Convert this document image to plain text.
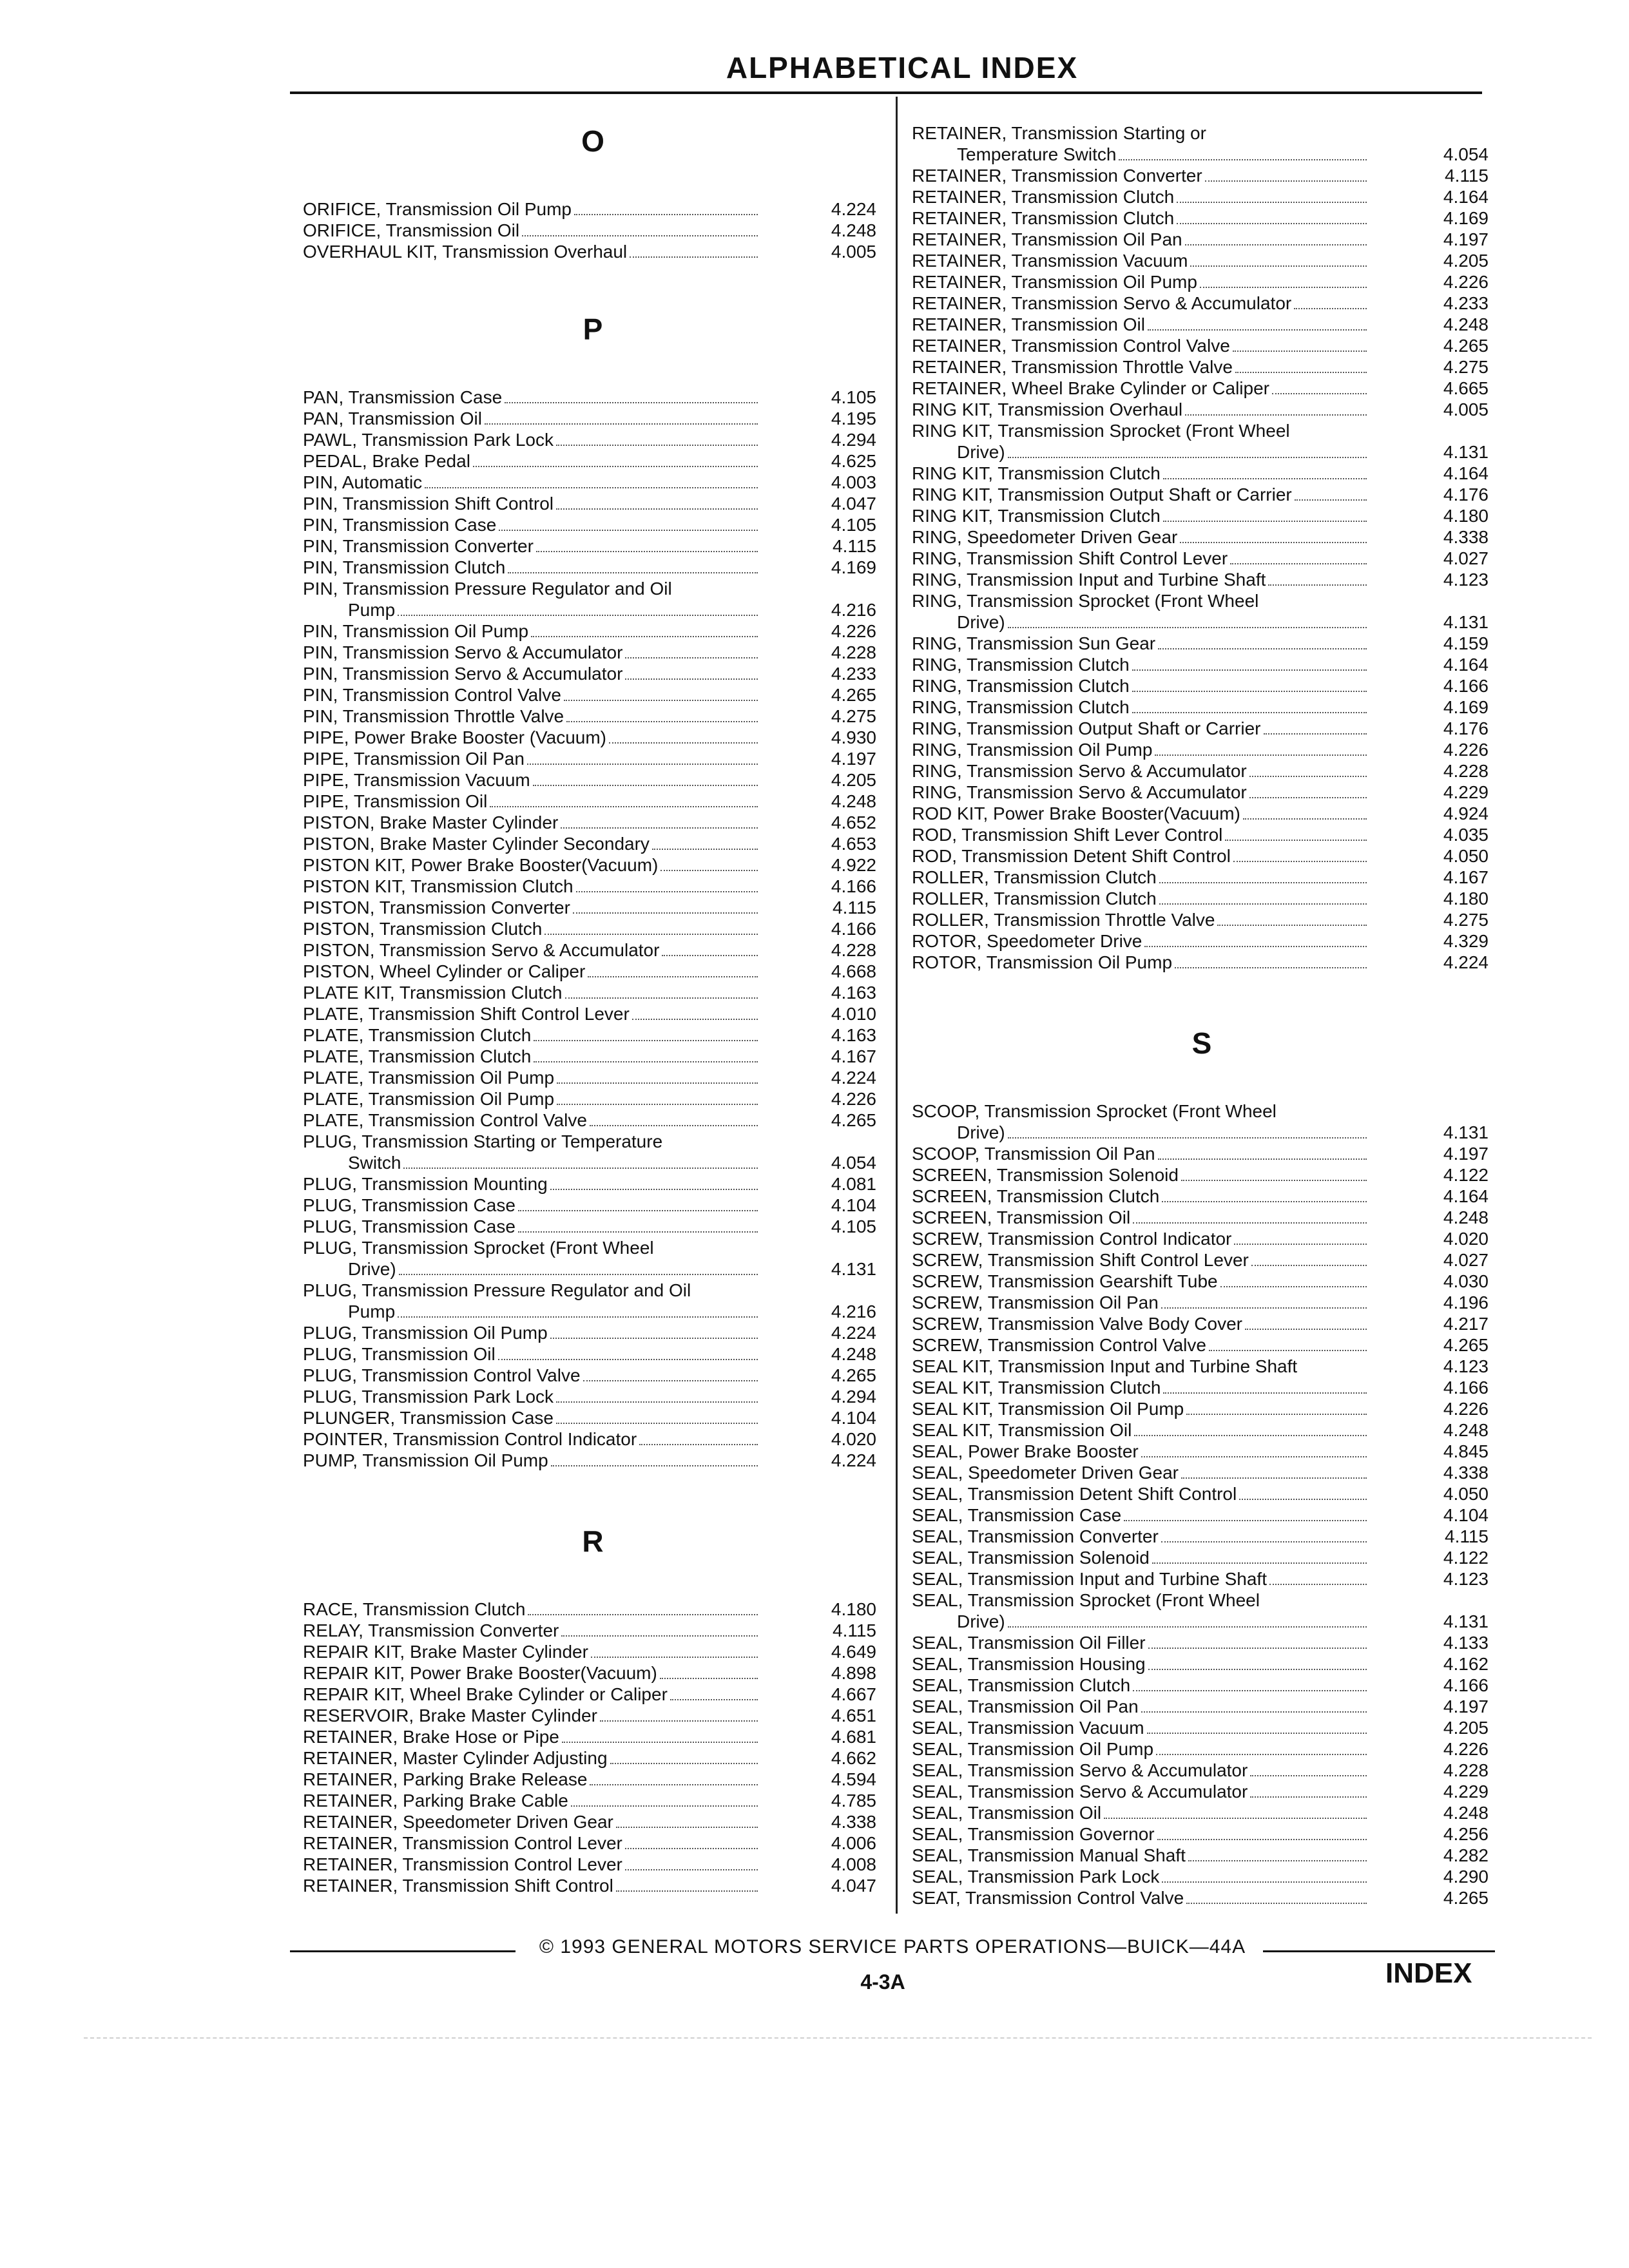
ALPHABETICAL INDEX
O
ORIFICE, Transmission Oil Pump	4.224
ORIFICE, Transmission Oil	4.248
OVERHAUL KIT, Transmission Overhaul	4.005
P
PAN, Transmission Case	4.105
PAN, Transmission Oil	4.195
PAWL, Transmission Park Lock	4.294
PEDAL, Brake Pedal	4.625
PIN, Automatic	4.003
PIN, Transmission Shift Control	4.047
PIN, Transmission Case	4.105
PIN, Transmission Converter	4.115
PIN, Transmission Clutch	4.169
PIN, Transmission Pressure Regulator and Oil
Pump	4.216
PIN, Transmission Oil Pump	4.226
PIN, Transmission Servo & Accumulator	4.228
PIN, Transmission Servo & Accumulator	4.233
PIN, Transmission Control Valve	4.265
PIN, Transmission Throttle Valve	4.275
PIPE, Power Brake Booster (Vacuum)	4.930
PIPE, Transmission Oil Pan	4.197
PIPE, Transmission Vacuum	4.205
PIPE, Transmission Oil	4.248
PISTON, Brake Master Cylinder	4.652
PISTON, Brake Master Cylinder Secondary	4.653
PISTON KIT, Power Brake Booster(Vacuum)	4.922
PISTON KIT, Transmission Clutch	4.166
PISTON, Transmission Converter	4.115
PISTON, Transmission Clutch	4.166
PISTON, Transmission Servo & Accumulator	4.228
PISTON, Wheel Cylinder or Caliper	4.668
PLATE KIT, Transmission Clutch	4.163
PLATE, Transmission Shift Control Lever	4.010
PLATE, Transmission Clutch	4.163
PLATE, Transmission Clutch	4.167
PLATE, Transmission Oil Pump	4.224
PLATE, Transmission Oil Pump	4.226
PLATE, Transmission Control Valve	4.265
PLUG, Transmission Starting or Temperature
Switch	4.054
PLUG, Transmission Mounting	4.081
PLUG, Transmission Case	4.104
PLUG, Transmission Case	4.105
PLUG, Transmission Sprocket (Front Wheel
Drive)	4.131
PLUG, Transmission Pressure Regulator and Oil
Pump	4.216
PLUG, Transmission Oil Pump	4.224
PLUG, Transmission Oil	4.248
PLUG, Transmission Control Valve	4.265
PLUG, Transmission Park Lock	4.294
PLUNGER, Transmission Case	4.104
POINTER, Transmission Control Indicator	4.020
PUMP, Transmission Oil Pump	4.224
R
RACE, Transmission Clutch	4.180
RELAY, Transmission Converter	4.115
REPAIR KIT, Brake Master Cylinder	4.649
REPAIR KIT, Power Brake Booster(Vacuum)	4.898
REPAIR KIT, Wheel Brake Cylinder or Caliper	4.667
RESERVOIR, Brake Master Cylinder	4.651
RETAINER, Brake Hose or Pipe	4.681
RETAINER, Master Cylinder Adjusting	4.662
RETAINER, Parking Brake Release	4.594
RETAINER, Parking Brake Cable	4.785
RETAINER, Speedometer Driven Gear	4.338
RETAINER, Transmission Control Lever	4.006
RETAINER, Transmission Control Lever	4.008
RETAINER, Transmission Shift Control	4.047
RETAINER, Transmission Starting or
Temperature Switch	4.054
RETAINER, Transmission Converter	4.115
RETAINER, Transmission Clutch	4.164
RETAINER, Transmission Clutch	4.169
RETAINER, Transmission Oil Pan	4.197
RETAINER, Transmission Vacuum	4.205
RETAINER, Transmission Oil Pump	4.226
RETAINER, Transmission Servo & Accumulator	4.233
RETAINER, Transmission Oil	4.248
RETAINER, Transmission Control Valve	4.265
RETAINER, Transmission Throttle Valve	4.275
RETAINER, Wheel Brake Cylinder or Caliper	4.665
RING KIT, Transmission Overhaul	4.005
RING KIT, Transmission Sprocket (Front Wheel
Drive)	4.131
RING KIT, Transmission Clutch	4.164
RING KIT, Transmission Output Shaft or Carrier	4.176
RING KIT, Transmission Clutch	4.180
RING, Speedometer Driven Gear	4.338
RING, Transmission Shift Control Lever	4.027
RING, Transmission Input and Turbine Shaft	4.123
RING, Transmission Sprocket (Front Wheel
Drive)	4.131
RING, Transmission Sun Gear	4.159
RING, Transmission Clutch	4.164
RING, Transmission Clutch	4.166
RING, Transmission Clutch	4.169
RING, Transmission Output Shaft or Carrier	4.176
RING, Transmission Oil Pump	4.226
RING, Transmission Servo & Accumulator	4.228
RING, Transmission Servo & Accumulator	4.229
ROD KIT, Power Brake Booster(Vacuum)	4.924
ROD, Transmission Shift Lever Control	4.035
ROD, Transmission Detent Shift Control	4.050
ROLLER, Transmission Clutch	4.167
ROLLER, Transmission Clutch	4.180
ROLLER, Transmission Throttle Valve	4.275
ROTOR, Speedometer Drive	4.329
ROTOR, Transmission Oil Pump	4.224
S
SCOOP, Transmission Sprocket (Front Wheel
Drive)	4.131
SCOOP, Transmission Oil Pan	4.197
SCREEN, Transmission Solenoid	4.122
SCREEN, Transmission Clutch	4.164
SCREEN, Transmission Oil	4.248
SCREW, Transmission Control Indicator	4.020
SCREW, Transmission Shift Control Lever	4.027
SCREW, Transmission Gearshift Tube	4.030
SCREW, Transmission Oil Pan	4.196
SCREW, Transmission Valve Body Cover	4.217
SCREW, Transmission Control Valve	4.265
SEAL KIT, Transmission Input and Turbine Shaft	4.123
SEAL KIT, Transmission Clutch	4.166
SEAL KIT, Transmission Oil Pump	4.226
SEAL KIT, Transmission Oil	4.248
SEAL, Power Brake Booster	4.845
SEAL, Speedometer Driven Gear	4.338
SEAL, Transmission Detent Shift Control	4.050
SEAL, Transmission Case	4.104
SEAL, Transmission Converter	4.115
SEAL, Transmission Solenoid	4.122
SEAL, Transmission Input and Turbine Shaft	4.123
SEAL, Transmission Sprocket (Front Wheel
Drive)	4.131
SEAL, Transmission Oil Filler	4.133
SEAL, Transmission Housing	4.162
SEAL, Transmission Clutch	4.166
SEAL, Transmission Oil Pan	4.197
SEAL, Transmission Vacuum	4.205
SEAL, Transmission Oil Pump	4.226
SEAL, Transmission Servo & Accumulator	4.228
SEAL, Transmission Servo & Accumulator	4.229
SEAL, Transmission Oil	4.248
SEAL, Transmission Governor	4.256
SEAL, Transmission Manual Shaft	4.282
SEAL, Transmission Park Lock	4.290
SEAT, Transmission Control Valve	4.265
© 1993 GENERAL MOTORS SERVICE PARTS OPERATIONS—BUICK—44A
4-3A	INDEX
